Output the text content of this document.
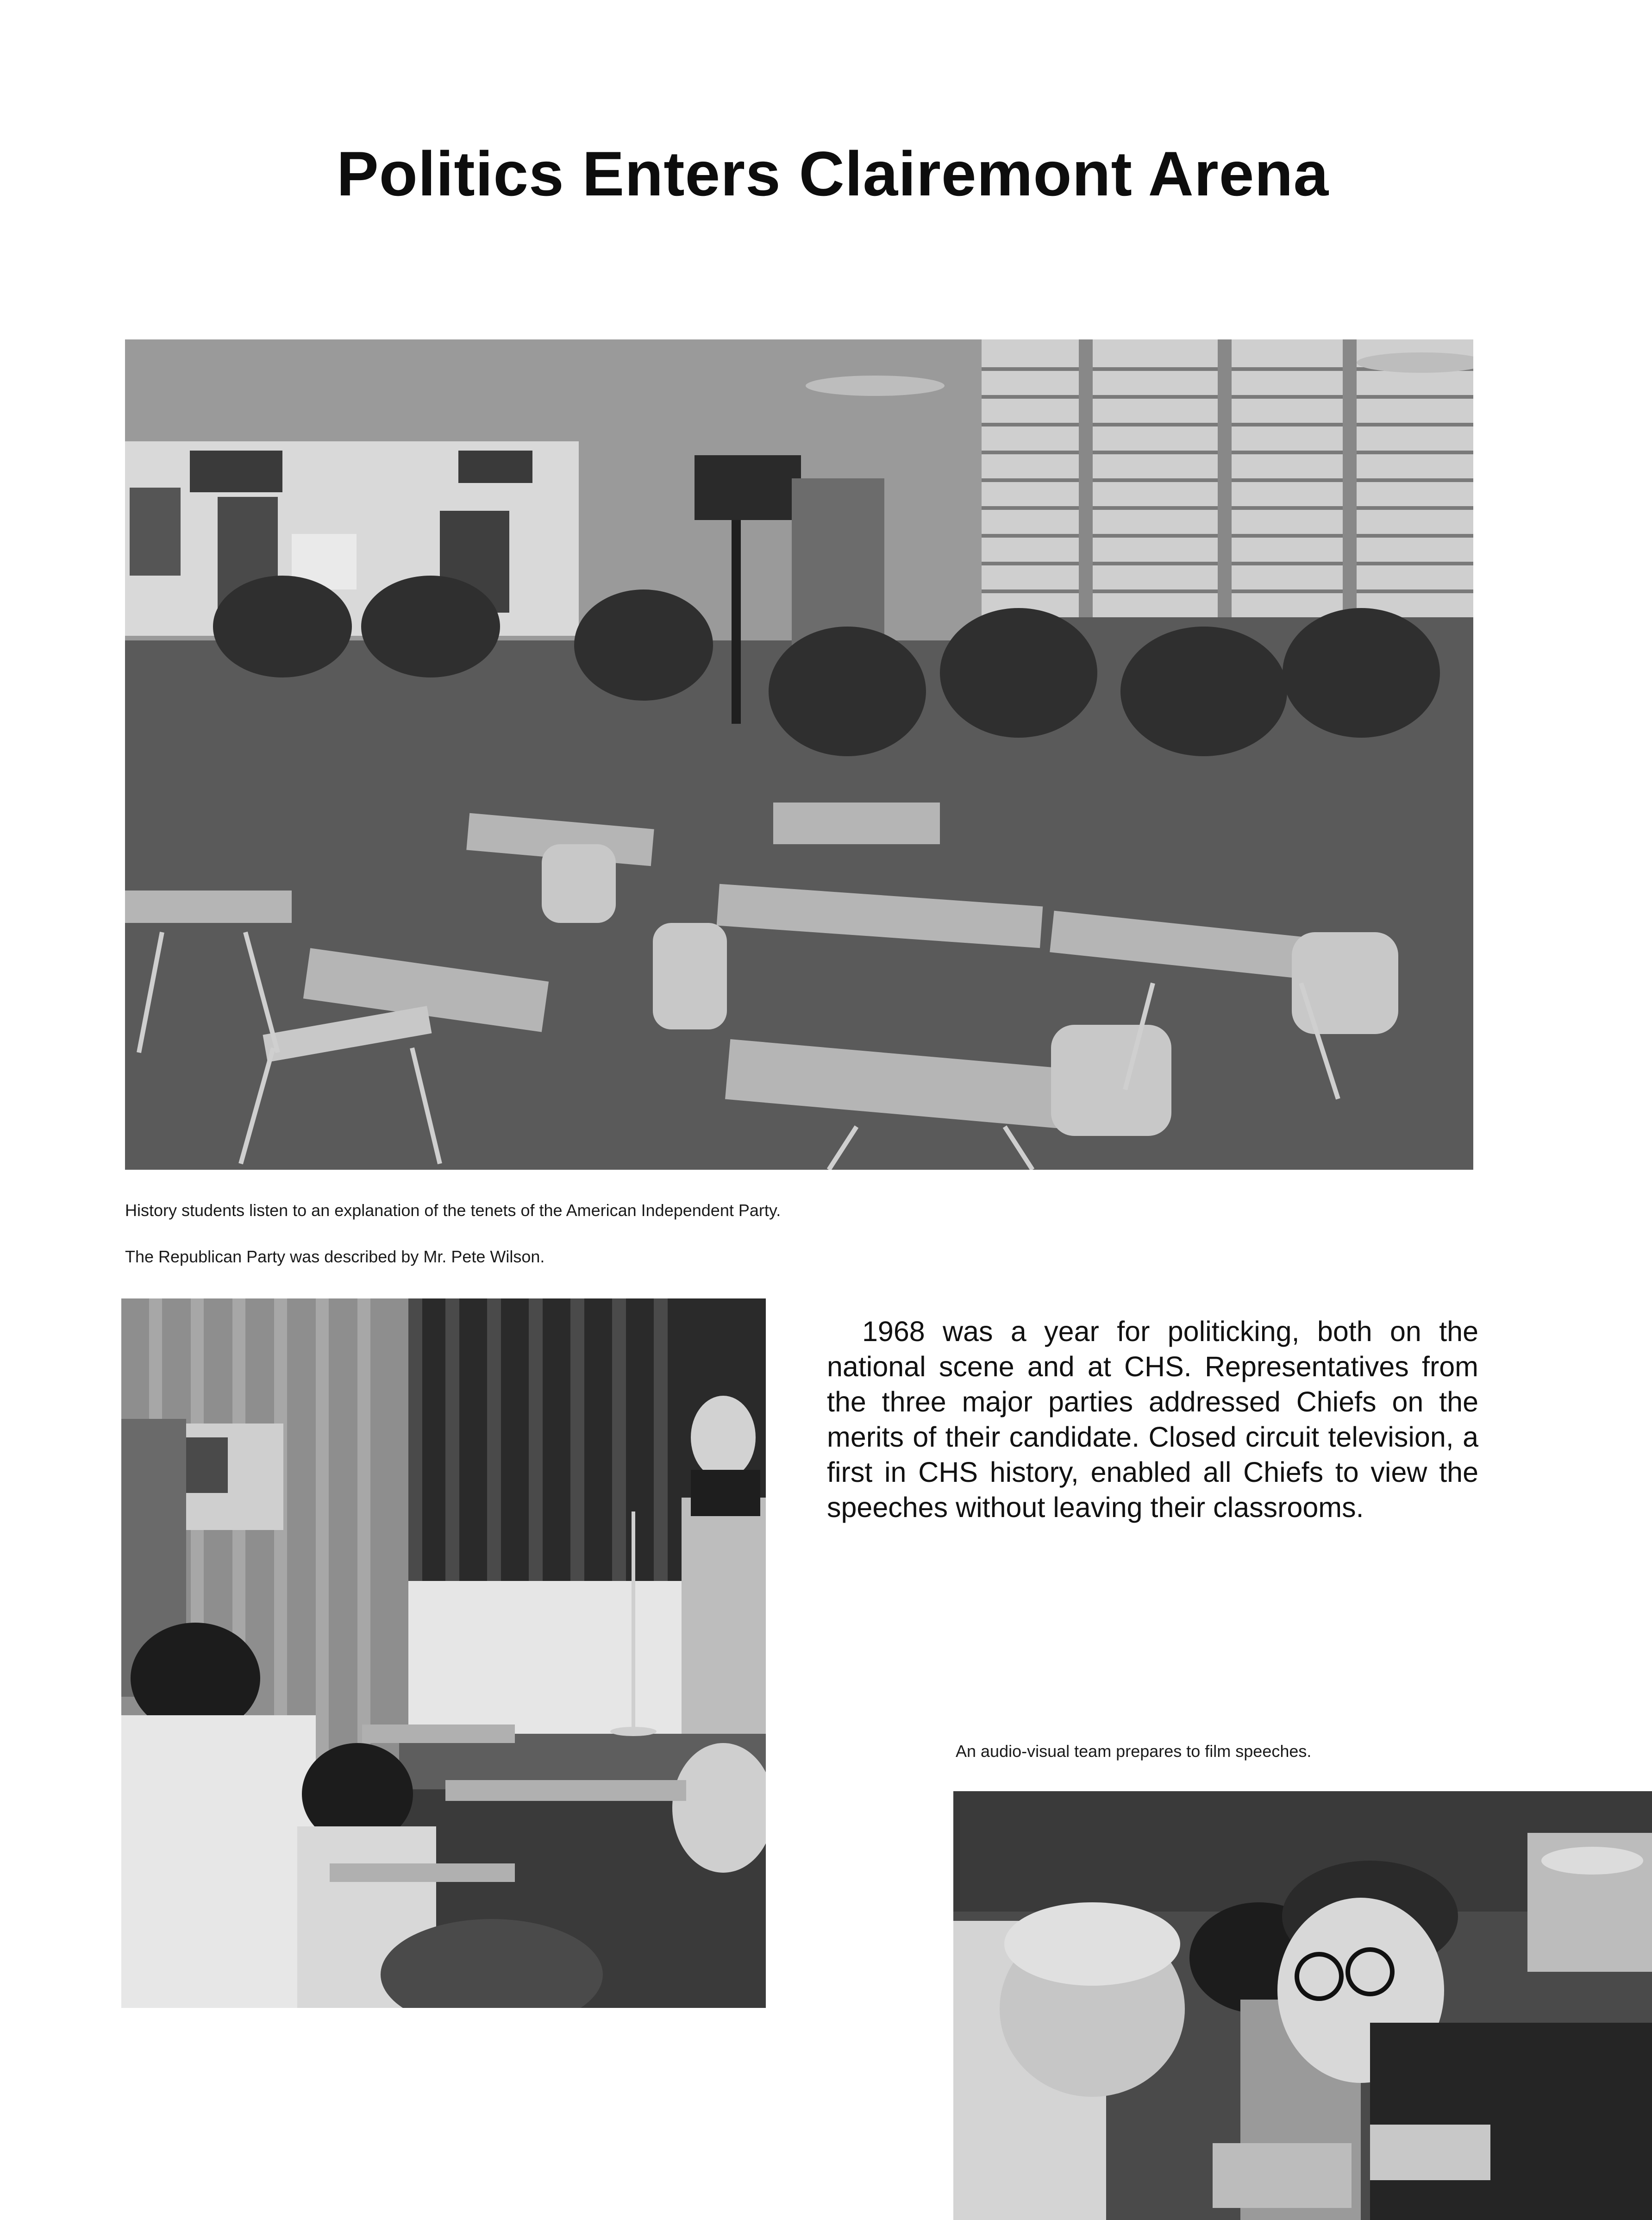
Politics Enters Clairemont Arena

History students listen to an explanation of the tenets of the American Independent Party.

The Republican Party was described by Mr. Pete Wilson.

1968 was a year for politicking, both on the national scene and at CHS. Representatives from the three major parties addressed Chiefs on the merits of their candidate. Closed circuit television, a first in CHS history, enabled all Chiefs to view the speeches without leaving their classrooms.

An audio-visual team prepares to film speeches.
